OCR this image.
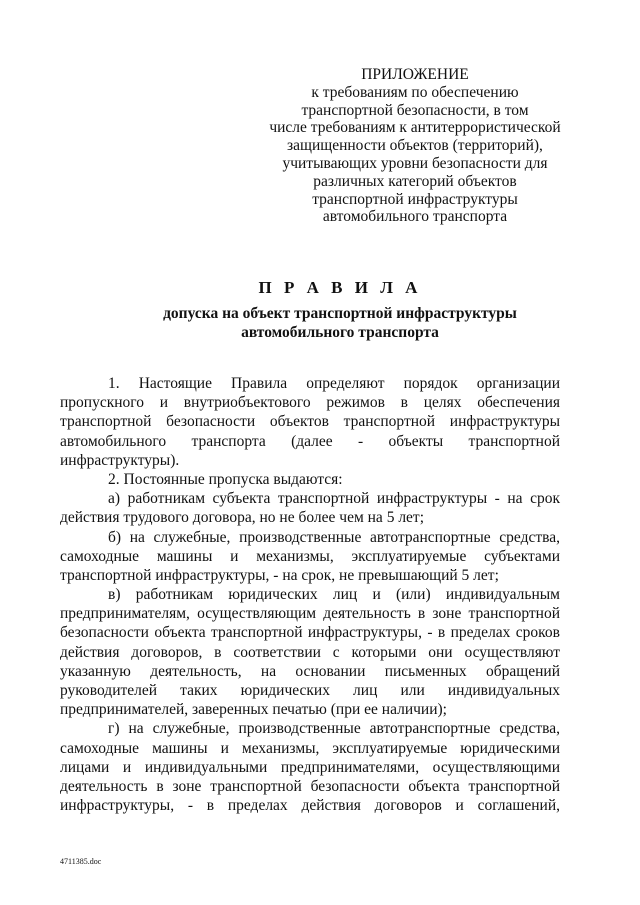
ПРИЛОЖЕНИЕ
к требованиям по обеспечению
транспортной безопасности, в том
числе требованиям к антитеррористической
защищенности объектов (территорий),
учитывающих уровни безопасности для
различных категорий объектов
транспортной инфраструктуры
автомобильного транспорта
П Р А В И Л А
допуска на объект транспортной инфраструктуры
автомобильного транспорта
1. Настоящие Правила определяют порядок организации
пропускного и внутриобъектового режимов в целях обеспечения
транспортной безопасности объектов транспортной инфраструктуры
автомобильного транспорта (далее - объекты транспортной
инфраструктуры).
2. Постоянные пропуска выдаются:
а) работникам субъекта транспортной инфраструктуры - на срок
действия трудового договора, но не более чем на 5 лет;
б) на служебные, производственные автотранспортные средства,
самоходные машины и механизмы, эксплуатируемые субъектами
транспортной инфраструктуры, - на срок, не превышающий 5 лет;
в) работникам юридических лиц и (или) индивидуальным
предпринимателям, осуществляющим деятельность в зоне транспортной
безопасности объекта транспортной инфраструктуры, - в пределах сроков
действия договоров, в соответствии с которыми они осуществляют
указанную деятельность, на основании письменных обращений
руководителей таких юридических лиц или индивидуальных
предпринимателей, заверенных печатью (при ее наличии);
г) на служебные, производственные автотранспортные средства,
самоходные машины и механизмы, эксплуатируемые юридическими
лицами и индивидуальными предпринимателями, осуществляющими
деятельность в зоне транспортной безопасности объекта транспортной
инфраструктуры, - в пределах действия договоров и соглашений,
4711385.doc
